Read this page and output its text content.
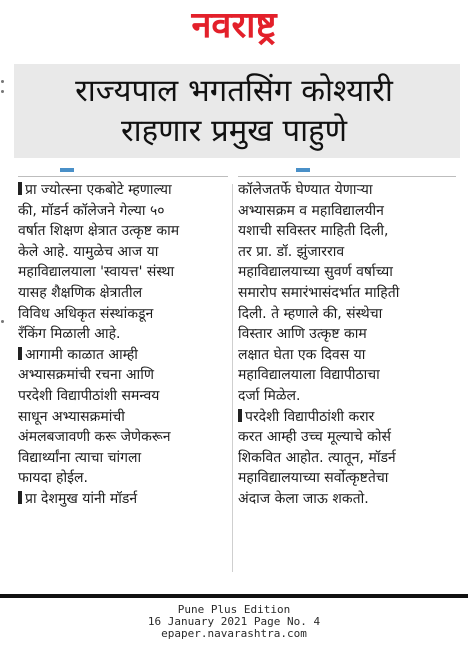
नवराष्ट्र
राज्यपाल भगतसिंग कोश्यारी
राहणार प्रमुख पाहुणे
प्रा ज्योत्स्ना एकबोटे म्हणाल्या
की, मॉडर्न कॉलेजने गेल्या ५०
वर्षात शिक्षण क्षेत्रात उत्कृष्ट काम
केले आहे. यामुळेच आज या
महाविद्यालयाला 'स्वायत्त' संस्था
यासह शैक्षणिक क्षेत्रातील
विविध अधिकृत संस्थांकडून
रँकिंग मिळाली आहे.
आगामी काळात आम्ही
अभ्यासक्रमांची रचना आणि
परदेशी विद्यापीठांशी समन्वय
साधून अभ्यासक्रमांची
अंमलबजावणी करू जेणेकरून
विद्यार्थ्यांना त्याचा चांगला
फायदा होईल.
प्रा देशमुख यांनी मॉडर्न
कॉलेजतर्फे घेण्यात येणाऱ्या
अभ्यासक्रम व महाविद्यालयीन
यशाची सविस्तर माहिती दिली,
तर प्रा. डॉ. झुंजारराव
महाविद्यालयाच्या सुवर्ण वर्षाच्या
समारोप समारंभासंदर्भात माहिती
दिली. ते म्हणाले की, संस्थेचा
विस्तार आणि उत्कृष्ट काम
लक्षात घेता एक दिवस या
महाविद्यालयाला विद्यापीठाचा
दर्जा मिळेल.
परदेशी विद्यापीठांशी करार
करत आम्ही उच्च मूल्याचे कोर्स
शिकवित आहोत. त्यातून, मॉडर्न
महाविद्यालयाच्या सर्वोत्कृष्टतेचा
अंदाज केला जाऊ शकतो.
Pune Plus Edition
16 January 2021 Page No. 4
epaper.navarashtra.com
